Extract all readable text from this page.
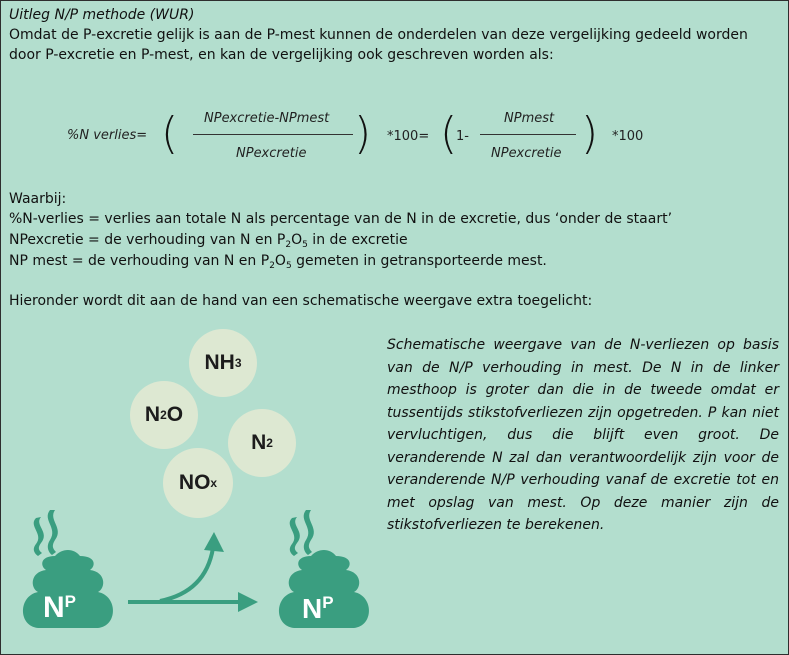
Uitleg N/P methode (WUR)
Omdat de P-excretie gelijk is aan de P-mest kunnen de onderdelen van deze vergelijking gedeeld worden
door P-excretie en P-mest, en kan de vergelijking ook geschreven worden als:
%N verlies= ( NPexcretie-NPmest
NPexcretie ) *100= (
1-
NPmest
NPexcretie ) *100
Waarbij:
%N-verlies = verlies aan totale N als percentage van de N in de excretie, dus ‘onder de staart’
NPexcretie = de verhouding van N en $P_2O_5$ in de excretie
NP mest = de verhouding van N en $P_2O_5$ gemeten in getransporteerde mest.
Hieronder wordt dit aan de hand van een schematische weergave extra toegelicht:
Schematische weergave van de N-verliezen op basis van de N/P verhouding in mest. De N in de linker mesthoop is groter dan die in de tweede omdat er tussentijds stikstofverliezen zijn opgetreden. P kan niet vervluchtigen, dus die blijft even groot. De veranderende N zal dan verantwoordelijk zijn voor de veranderende N/P verhouding vanaf de excretie tot en met opslag van mest. Op deze manier zijn de stikstofverliezen te berekenen.
$N^P$	$N^P$
NH 3
N 2 O
N 2
NO x
